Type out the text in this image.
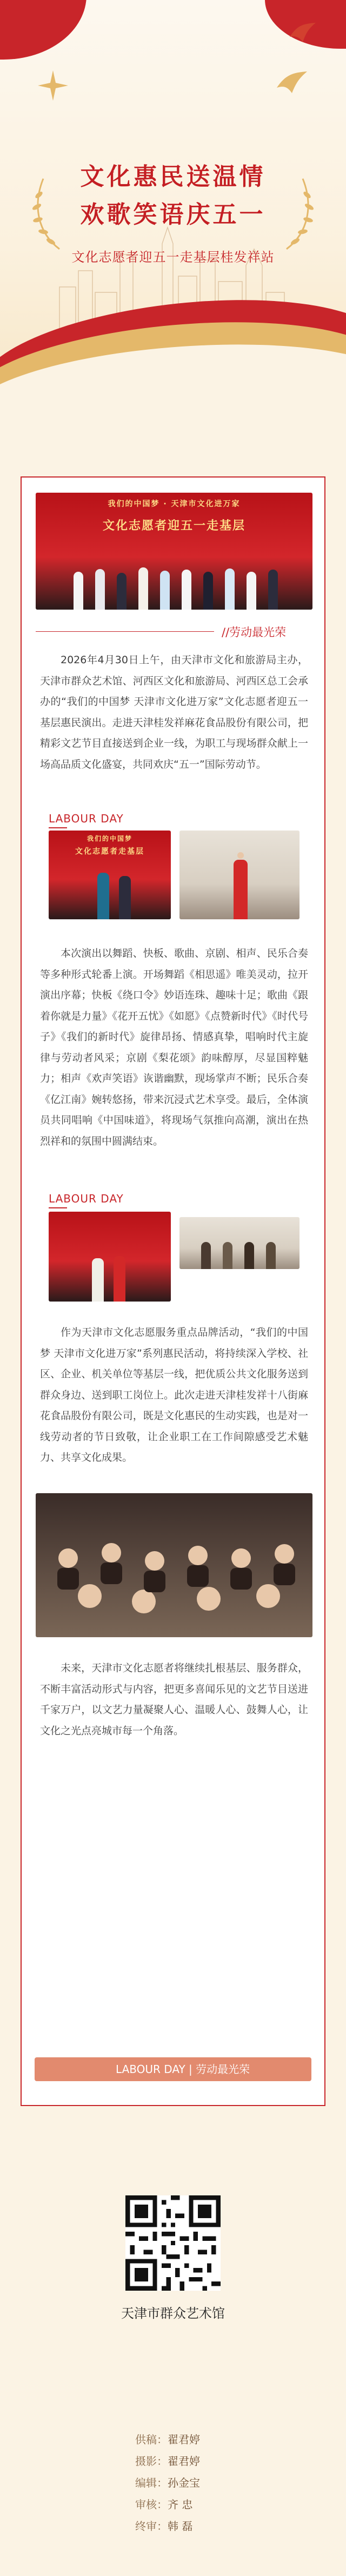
文化惠民送温情
欢歌笑语庆五一
文化志愿者迎五一走基层桂发祥站
我们的中国梦 · 天津市文化进万家
文化志愿者迎五一走基层
//劳动最光荣
2026年4月30日上午，由天津市文化和旅游局主办，天津市群众艺术馆、河西区文化和旅游局、河西区总工会承办的“我们的中国梦 天津市文化进万家”文化志愿者迎五一基层惠民演出。走进天津桂发祥麻花食品股份有限公司，把精彩文艺节目直接送到企业一线，为职工与现场群众献上一场高品质文化盛宴，共同欢庆“五一”国际劳动节。
LABOUR DAY
我们的中国梦
文化志愿者走基层
本次演出以舞蹈、快板、歌曲、京剧、相声、民乐合奏等多种形式轮番上演。开场舞蹈《相思遥》唯美灵动，拉开演出序幕；快板《绕口令》妙语连珠、趣味十足；歌曲《跟着你就是力量》《花开五忧》《如愿》《点赞新时代》《时代号子》《我们的新时代》旋律昂扬、情感真挚，唱响时代主旋律与劳动者风采；京剧《梨花颂》韵味醇厚，尽显国粹魅力；相声《欢声笑语》诙谐幽默，现场掌声不断；民乐合奏《亿江南》婉转悠扬，带来沉浸式艺术享受。最后，全体演员共同唱响《中国味道》，将现场气氛推向高潮，演出在热烈祥和的氛围中圆满结束。
LABOUR DAY
作为天津市文化志愿服务重点品牌活动，“我们的中国梦 天津市文化进万家”系列惠民活动，将持续深入学校、社区、企业、机关单位等基层一线，把优质公共文化服务送到群众身边、送到职工岗位上。此次走进天津桂发祥十八街麻花食品股份有限公司，既是文化惠民的生动实践，也是对一线劳动者的节日致敬，让企业职工在工作间隙感受艺术魅力、共享文化成果。
未来，天津市文化志愿者将继续扎根基层、服务群众，不断丰富活动形式与内容，把更多喜闻乐见的文艺节目送进千家万户，以文艺力量凝聚人心、温暖人心、鼓舞人心，让文化之光点亮城市每一个角落。
LABOUR DAY | 劳动最光荣
天津市群众艺术馆
供稿：翟君婷
摄影：翟君婷
编辑：孙金宝
审核：齐 忠
终审：韩 磊
